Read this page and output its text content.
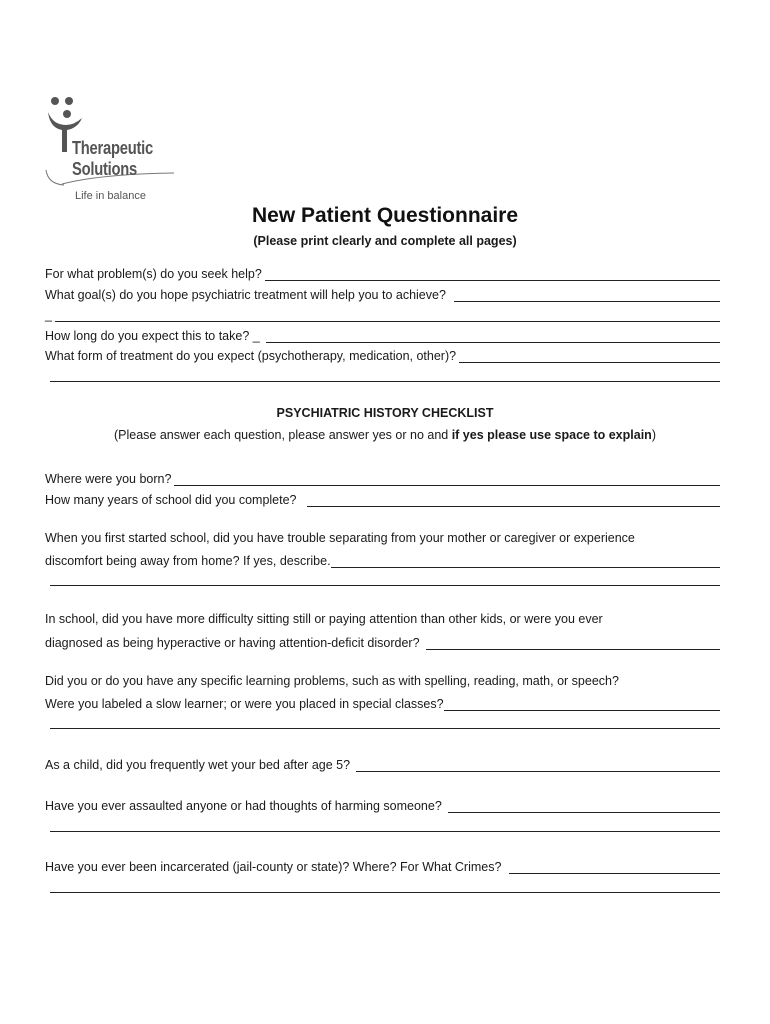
Therapeutic
Solutions
Life in balance
New Patient Questionnaire
(Please print clearly and complete all pages)
For what problem(s) do you seek help?
What goal(s) do you hope psychiatric treatment will help you to achieve?
_
How long do you expect this to take? _
What form of treatment do you expect (psychotherapy, medication, other)?
PSYCHIATRIC HISTORY CHECKLIST
(Please answer each question, please answer yes or no and if yes please use space to explain)
Where were you born?
How many years of school did you complete?
When you first started school, did you have trouble separating from your mother or caregiver or experience
discomfort being away from home? If yes, describe.
In school, did you have more difficulty sitting still or paying attention than other kids, or were you ever
diagnosed as being hyperactive or having attention-deficit disorder?
Did you or do you have any specific learning problems, such as with spelling, reading, math, or speech?
Were you labeled a slow learner; or were you placed in special classes?
As a child, did you frequently wet your bed after age 5?
Have you ever assaulted anyone or had thoughts of harming someone?
Have you ever been incarcerated (jail-county or state)? Where? For What Crimes?
